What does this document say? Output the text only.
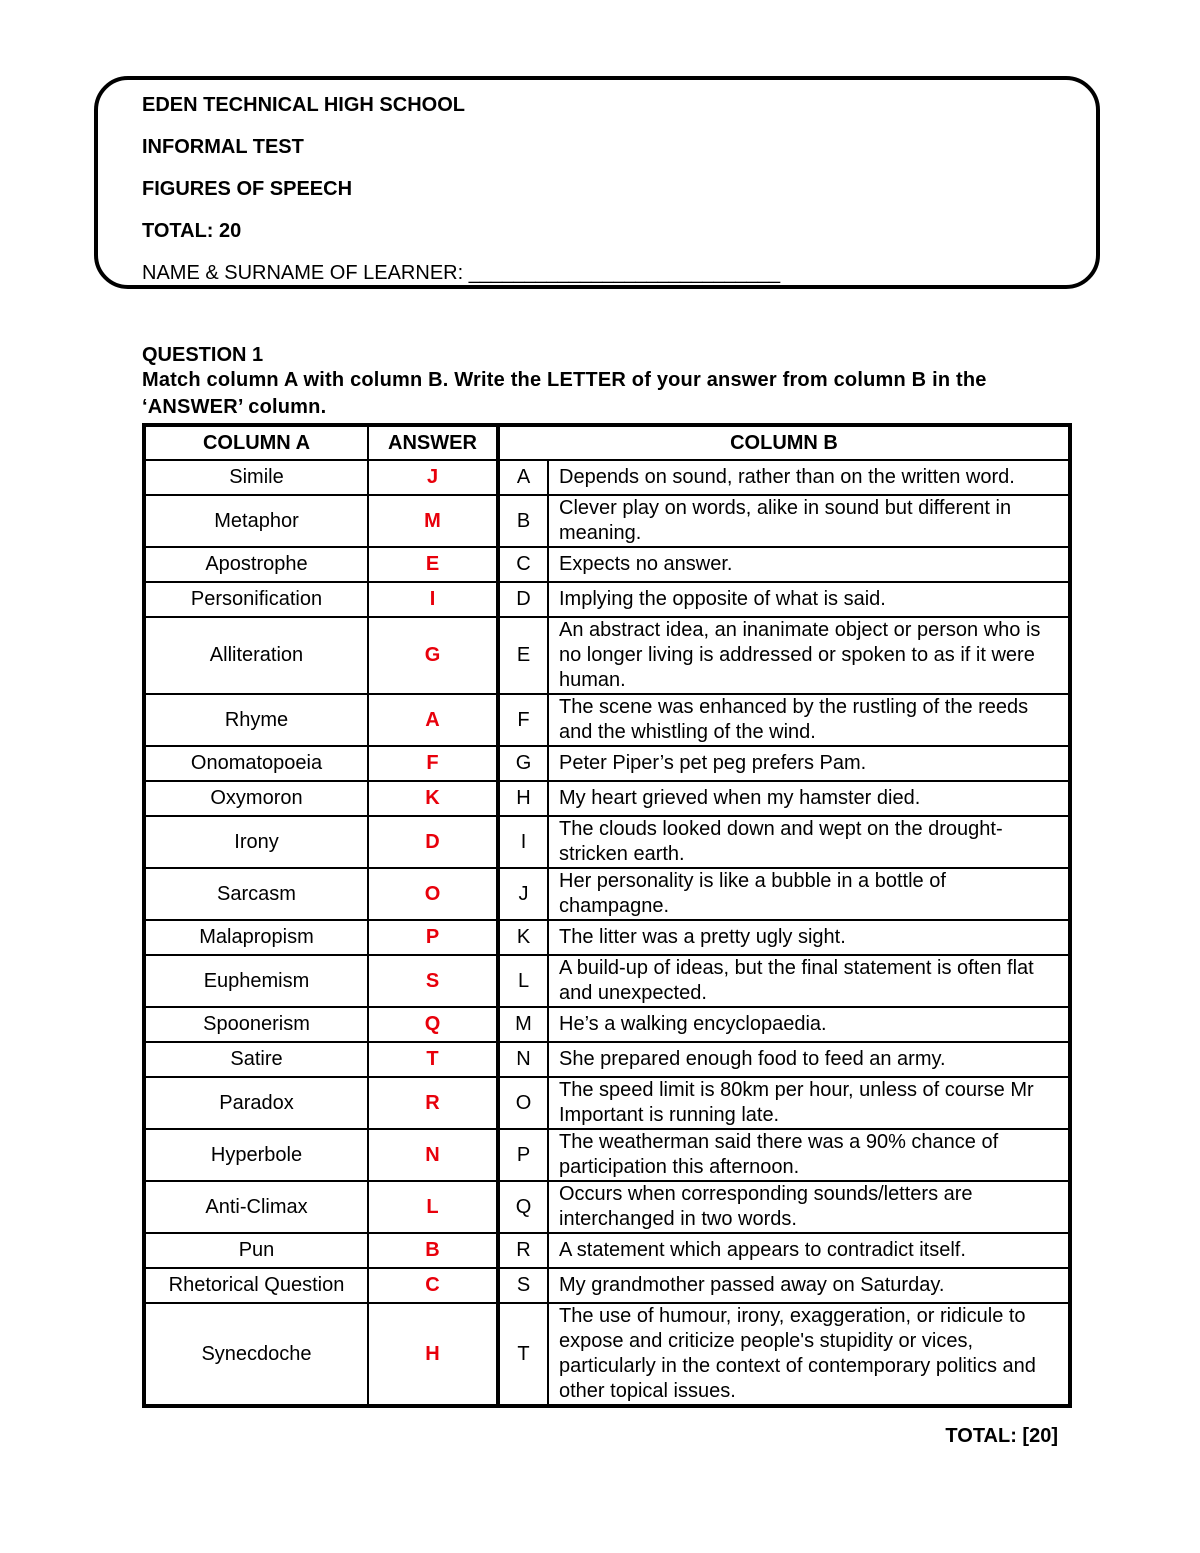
EDEN TECHNICAL HIGH SCHOOL
INFORMAL TEST
FIGURES OF SPEECH
TOTAL: 20
NAME & SURNAME OF LEARNER: ____________________________
QUESTION 1
Match column A with column B. Write the LETTER of your answer from column B in the ‘ANSWER’ column.
COLUMN A	ANSWER	COLUMN B	
Simile	J	A	Depends on sound, rather than on the written word.
Metaphor	M	B	Clever play on words, alike in sound but different in meaning.
Apostrophe	E	C	Expects no answer.
Personification	I	D	Implying the opposite of what is said.
Alliteration	G	E	An abstract idea, an inanimate object or person who is no longer living is addressed or spoken to as if it were human.
Rhyme	A	F	The scene was enhanced by the rustling of the reeds and the whistling of the wind.
Onomatopoeia	F	G	Peter Piper’s pet peg prefers Pam.
Oxymoron	K	H	My heart grieved when my hamster died.
Irony	D	I	The clouds looked down and wept on the drought-stricken earth.
Sarcasm	O	J	Her personality is like a bubble in a bottle of champagne.
Malapropism	P	K	The litter was a pretty ugly sight.
Euphemism	S	L	A build-up of ideas, but the final statement is often flat and unexpected.
Spoonerism	Q	M	He’s a walking encyclopaedia.
Satire	T	N	She prepared enough food to feed an army.
Paradox	R	O	The speed limit is 80km per hour, unless of course Mr Important is running late.
Hyperbole	N	P	The weatherman said there was a 90% chance of participation this afternoon.
Anti-Climax	L	Q	Occurs when corresponding sounds/letters are interchanged in two words.
Pun	B	R	A statement which appears to contradict itself.
Rhetorical Question	C	S	My grandmother passed away on Saturday.
Synecdoche	H	T	The use of humour, irony, exaggeration, or ridicule to expose and criticize people's stupidity or vices, particularly in the context of contemporary politics and other topical issues.
TOTAL: [20]
